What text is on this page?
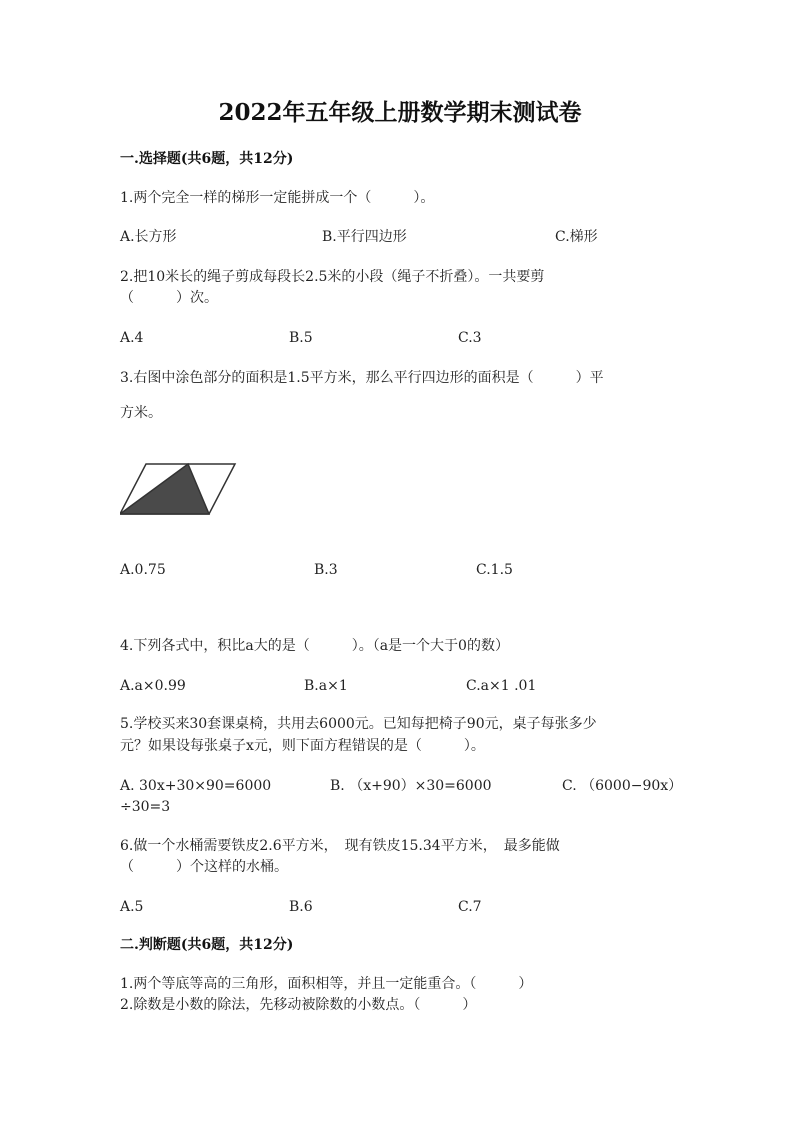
2022年五年级上册数学期末测试卷
一.选择题(共6题，共12分)
1.两个完全一样的梯形一定能拼成一个（　　　）。
A.长方形	B.平行四边形	C.梯形
2.把10米长的绳子剪成每段长2.5米的小段（绳子不折叠）。一共要剪
（　　　）次。
A.4	B.5	C.3
3.右图中涂色部分的面积是1.5平方米，那么平行四边形的面积是（　　　）平
方米。
A.0.75	B.3	C.1.5
4.下列各式中，积比a大的是（　　　）。（a是一个大于0的数）
A.a×0.99	B.a×1	C.a×1 .01
5.学校买来30套课桌椅，共用去6000元。已知每把椅子90元，桌子每张多少
元？如果设每张桌子x元，则下面方程错误的是（　　　）。
A. 30x+30×90=6000	B. （x+90）×30=6000	C. （6000−90x）
÷30=3
6.做一个水桶需要铁皮2.6平方米，　现有铁皮15.34平方米，　最多能做
（　　　）个这样的水桶。
A.5	B.6	C.7
二.判断题(共6题，共12分)
1.两个等底等高的三角形，面积相等，并且一定能重合。（　　　）
2.除数是小数的除法，先移动被除数的小数点。（　　　）
